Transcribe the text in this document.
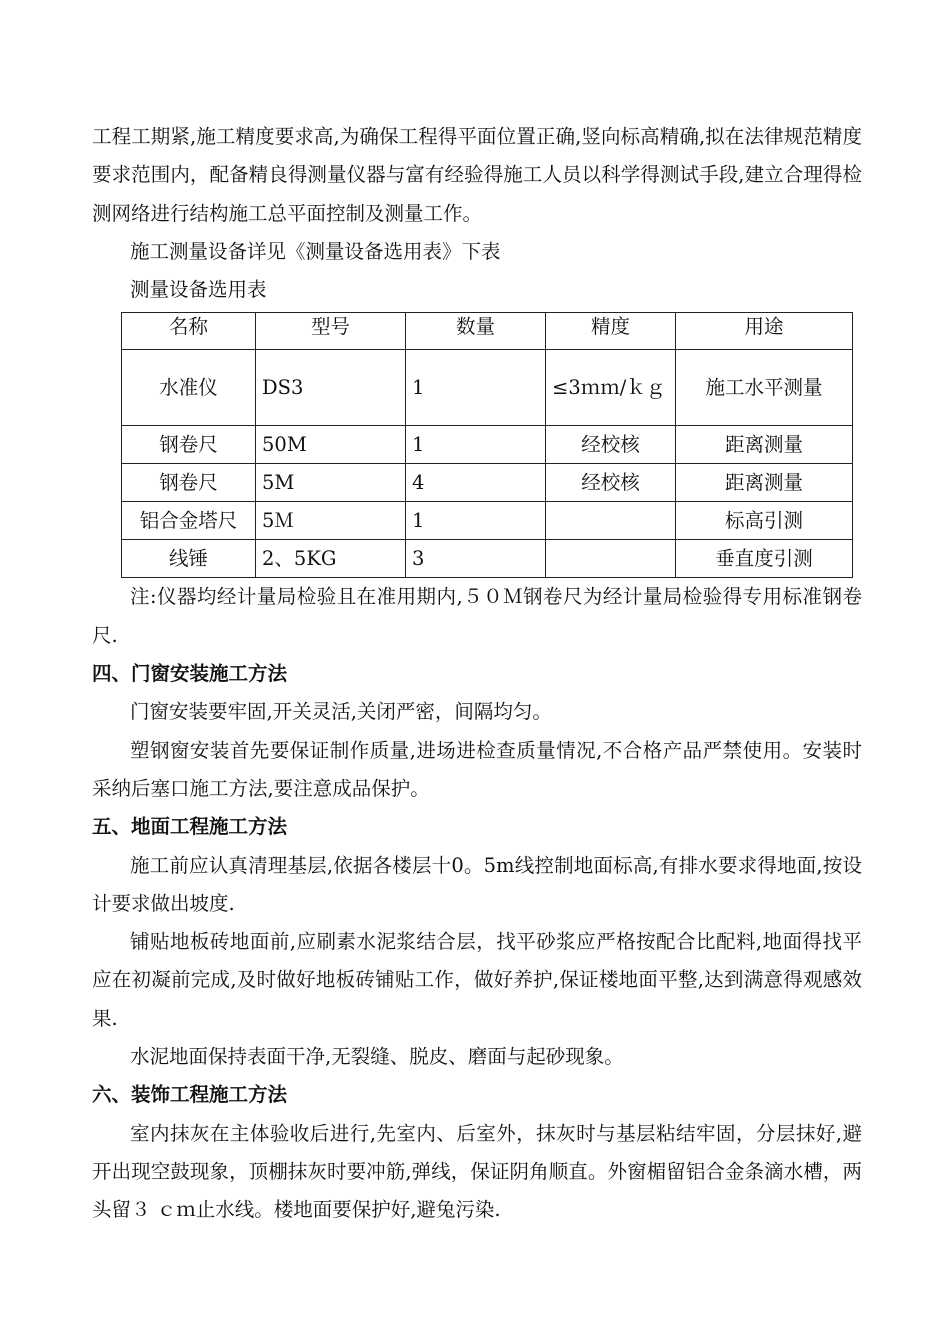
工程工期紧,施工精度要求高,为确保工程得平面位置正确,竖向标高精确,拟在法律规范精度要求范围内，配备精良得测量仪器与富有经验得施工人员以科学得测试手段,建立合理得检测网络进行结构施工总平面控制及测量工作。

施工测量设备详见《测量设备选用表》下表

测量设备选用表

名称	型号	数量	精度	用途
水准仪	DS3	1	≤3ｍｍ/ｋｇ	施工水平测量
钢卷尺	50M	1	经校核	距离测量
钢卷尺	5M	4	经校核	距离测量
铝合金塔尺	5Ｍ	1		标高引测
线锤	2、5KG	3		垂直度引测

注:仪器均经计量局检验且在准用期内,５０Ｍ钢卷尺为经计量局检验得专用标准钢卷尺.

四、门窗安装施工方法

门窗安装要牢固,开关灵活,关闭严密，间隔均匀。

塑钢窗安装首先要保证制作质量,进场进检查质量情况,不合格产品严禁使用。安装时采纳后塞口施工方法,要注意成品保护。

五、地面工程施工方法

施工前应认真清理基层,依据各楼层十0。5m线控制地面标高,有排水要求得地面,按设计要求做出坡度.

铺贴地板砖地面前,应刷素水泥浆结合层，找平砂浆应严格按配合比配料,地面得找平应在初凝前完成,及时做好地板砖铺贴工作，做好养护,保证楼地面平整,达到满意得观感效果.

水泥地面保持表面干净,无裂缝、脱皮、磨面与起砂现象。

六、装饰工程施工方法

室内抹灰在主体验收后进行,先室内、后室外，抹灰时与基层粘结牢固，分层抹好,避开出现空鼓现象，顶棚抹灰时要冲筋,弹线，保证阴角顺直。外窗楣留铝合金条滴水槽，两头留３ ｃｍ止水线。楼地面要保护好,避兔污染.
